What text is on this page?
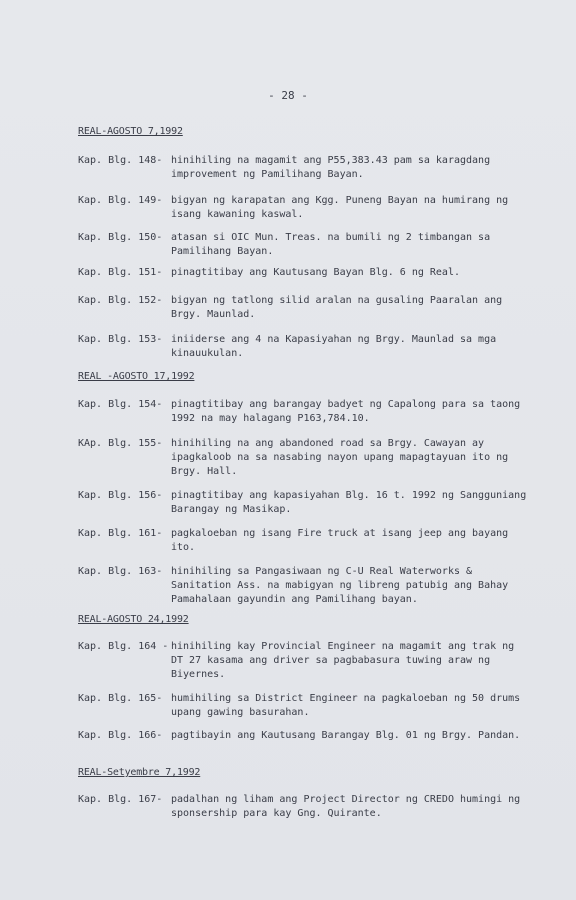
- 28 -
REAL-AGOSTO 7,1992
Kap. Blg. 148- hinihiling na magamit ang P55,383.43 pam sa karagdang improvement ng Pamilihang Bayan.
Kap. Blg. 149- bigyan ng karapatan ang Kgg. Puneng Bayan na humirang ng isang kawaning kaswal.
Kap. Blg. 150- atasan si OIC Mun. Treas. na bumili ng 2 timbangan sa Pamilihang Bayan.
Kap. Blg. 151- pinagtitibay ang Kautusang Bayan Blg. 6 ng Real.
Kap. Blg. 152- bigyan ng tatlong silid aralan na gusaling Paaralan ang Brgy. Maunlad.
Kap. Blg. 153- iniiderse ang 4 na Kapasiyahan ng Brgy. Maunlad sa mga kinauukulan.
REAL -AGOSTO 17,1992
Kap. Blg. 154- pinagtitibay ang barangay badyet ng Capalong para sa taong 1992 na may halagang P163,784.10.
KAp. Blg. 155- hinihiling na ang abandoned road sa Brgy. Cawayan ay ipagkaloob na sa nasabing nayon upang mapagtayuan ito ng Brgy. Hall.
Kap. Blg. 156- pinagtitibay ang kapasiyahan Blg. 16 t. 1992 ng Sangguniang Barangay ng Masikap.
Kap. Blg. 161- pagkaloeban ng isang Fire truck at isang jeep ang bayang ito.
Kap. Blg. 163- hinihiling sa Pangasiwaan ng C-U Real Waterworks & Sanitation Ass. na mabigyan ng libreng patubig ang Bahay Pamahalaan gayundin ang Pamilihang bayan.
REAL-AGOSTO 24,1992
Kap. Blg. 164 - hinihiling kay Provincial Engineer na magamit ang trak ng DT 27 kasama ang driver sa pagbabasura tuwing araw ng Biyernes.
Kap. Blg. 165- humihiling sa District Engineer na pagkaloeban ng 50 drums upang gawing basurahan.
Kap. Blg. 166- pagtibayin ang Kautusang Barangay Blg. 01 ng Brgy. Pandan.
REAL-Setyembre 7,1992
Kap. Blg. 167- padalhan ng liham ang Project Director ng CREDO humingi ng sponsership para kay Gng. Quirante.
